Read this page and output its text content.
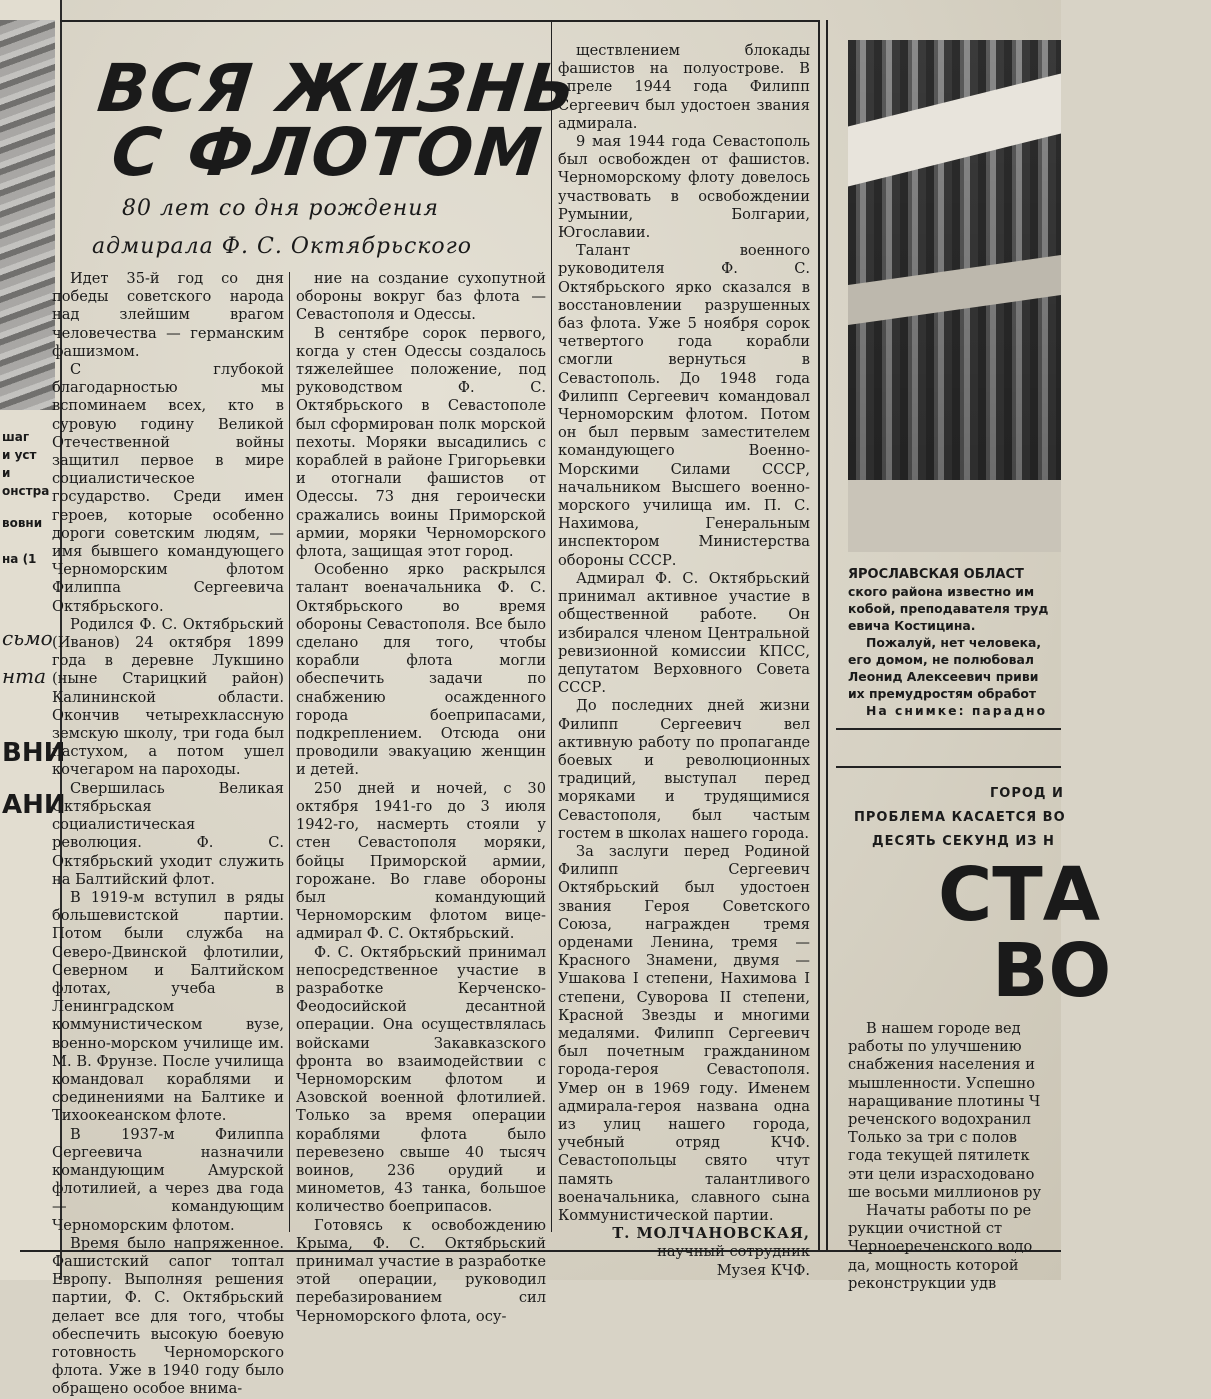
шаг
и уст
и
онстра
вовни
на (1
сьмо
нта
ВНИ
АНИ
ВСЯ ЖИЗНЬ
С ФЛОТОМ
80 лет со дня рождения
адмирала Ф. С. Октябрьского

Идет 35-й год со дня победы советского народа над злейшим врагом человечества — германским фашизмом.

С глубокой благодарностью мы вспоминаем всех, кто в суровую годину Великой Отечественной войны защитил первое в мире социалистическое государство. Среди имен героев, которые особенно дороги советским людям, — имя бывшего командующего Черноморским флотом Филиппа Сергеевича Октябрьского.

Родился Ф. С. Октябрьский (Иванов) 24 октября 1899 года в деревне Лукшино (ныне Старицкий район) Калининской области. Окончив четырехклассную земскую школу, три года был пастухом, а потом ушел кочегаром на пароходы.

Свершилась Великая Октябрьская социалистическая революция. Ф. С. Октябрьский уходит служить на Балтийский флот.

В 1919-м вступил в ряды большевистской партии. Потом были служба на Северо-Двинской флотилии, Северном и Балтийском флотах, учеба в Ленинградском коммунистическом вузе, военно-морском училище им. М. В. Фрунзе. После училища командовал кораблями и соединениями на Балтике и Тихоокеанском флоте.

В 1937-м Филиппа Сергеевича назначили командующим Амурской флотилией, а через два года — командующим Черноморским флотом.

Время было напряженное. Фашистский сапог топтал Европу. Выполняя решения партии, Ф. С. Октябрьский делает все для того, чтобы обеспечить высокую боевую готовность Черноморского флота. Уже в 1940 году было обращено особое внима-

ние на создание сухопутной обороны вокруг баз флота — Севастополя и Одессы.

В сентябре сорок первого, когда у стен Одессы создалось тяжелейшее положение, под руководством Ф. С. Октябрьского в Севастополе был сформирован полк морской пехоты. Моряки высадились с кораблей в районе Григорьевки и отогнали фашистов от Одессы. 73 дня героически сражались воины Приморской армии, моряки Черноморского флота, защищая этот город.

Особенно ярко раскрылся талант военачальника Ф. С. Октябрьского во время обороны Севастополя. Все было сделано для того, чтобы корабли флота могли обеспечить задачи по снабжению осажденного города боеприпасами, подкреплением. Отсюда они проводили эвакуацию женщин и детей.

250 дней и ночей, с 30 октября 1941-го до 3 июля 1942-го, насмерть стояли у стен Севастополя моряки, бойцы Приморской армии, горожане. Во главе обороны был командующий Черноморским флотом вице-адмирал Ф. С. Октябрьский.

Ф. С. Октябрьский принимал непосредственное участие в разработке Керченско-Феодосийской десантной операции. Она осуществлялась войсками Закавказского фронта во взаимодействии с Черноморским флотом и Азовской военной флотилией. Только за время операции кораблями флота было перевезено свыше 40 тысяч воинов, 236 орудий и минометов, 43 танка, большое количество боеприпасов.

Готовясь к освобождению Крыма, Ф. С. Октябрьский принимал участие в разработке этой операции, руководил перебазированием сил Черноморского флота, осу-

ществлением блокады фашистов на полуострове. В апреле 1944 года Филипп Сергеевич был удостоен звания адмирала.

9 мая 1944 года Севастополь был освобожден от фашистов. Черноморскому флоту довелось участвовать в освобождении Румынии, Болгарии, Югославии.

Талант военного руководителя Ф. С. Октябрьского ярко сказался в восстановлении разрушенных баз флота. Уже 5 ноября сорок четвертого года корабли смогли вернуться в Севастополь. До 1948 года Филипп Сергеевич командовал Черноморским флотом. Потом он был первым заместителем командующего Военно-Морскими Силами СССР, начальником Высшего военно-морского училища им. П. С. Нахимова, Генеральным инспектором Министерства обороны СССР.

Адмирал Ф. С. Октябрьский принимал активное участие в общественной работе. Он избирался членом Центральной ревизионной комиссии КПСС, депутатом Верховного Совета СССР.

До последних дней жизни Филипп Сергеевич вел активную работу по пропаганде боевых и революционных традиций, выступал перед моряками и трудящимися Севастополя, был частым гостем в школах нашего города.

За заслуги перед Родиной Филипп Сергеевич Октябрьский был удостоен звания Героя Советского Союза, награжден тремя орденами Ленина, тремя — Красного Знамени, двумя — Ушакова I степени, Нахимова I степени, Суворова II степени, Красной Звезды и многими медалями. Филипп Сергеевич был почетным гражданином города-героя Севастополя. Умер он в 1969 году. Именем адмирала-героя названа одна из улиц нашего города, учебный отряд КЧФ. Севастопольцы свято чтут память талантливого военачальника, славного сына Коммунистической партии.

Т. МОЛЧАНОВСКАЯ,

научный сотрудник

Музея КЧФ.

ЯРОСЛАВСКАЯ ОБЛАСТ
ского района известно им
кобой, преподавателя труд
евича Костицина.
Пожалуй, нет человека,
его домом, не полюбовал
Леонид Алексеевич приви
их премудростям обработ
На снимке: парадно
ГОРОД И
ПРОБЛЕМА КАСАЕТСЯ ВО
ДЕСЯТЬ СЕКУНД ИЗ Н
СТА
ВО
В нашем городе вед
работы по улучшению
снабжения населения и
мышленности. Успешно
наращивание плотины Ч
реченского водохранил
Только за три с полов
года текущей пятилетк
эти цели израсходовано
ше восьми миллионов ру
Начаты работы по ре
рукции очистной ст
Черноереченского водо
да, мощность которой
реконструкции удв
